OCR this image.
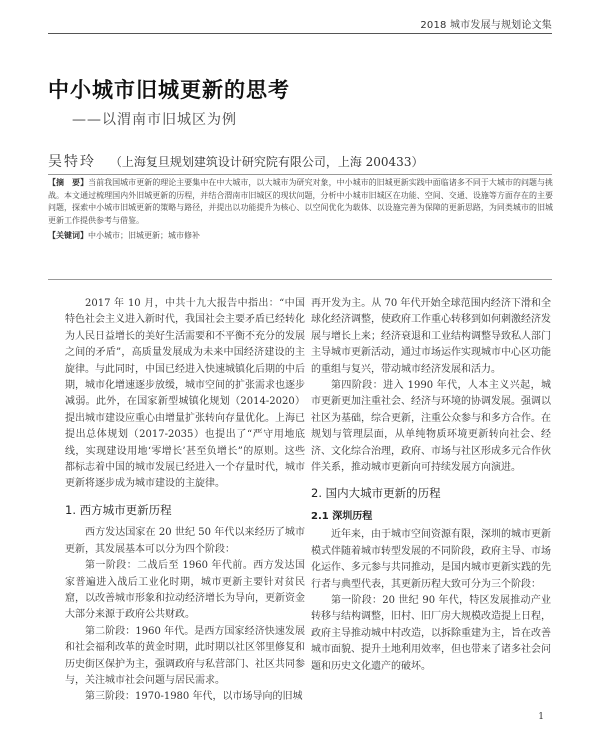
2018 城市发展与规划论文集
中小城市旧城更新的思考
——以渭南市旧城区为例
吴特玲 （上海复旦规划建筑设计研究院有限公司，上海 200433）

【摘　要】当前我国城市更新的理论主要集中在中大城市，以大城市为研究对象，中小城市的旧城更新实践中面临诸多不同于大城市的问题与挑战。本文通过梳理国内外旧城更新的历程，并结合渭南市旧城区的现状问题，分析中小城市旧城区在功能、空间、交通、设施等方面存在的主要问题，探索中小城市旧城更新的策略与路径，并提出以功能提升为核心、以空间优化为载体、以设施完善为保障的更新思路，为同类城市的旧城更新工作提供参考与借鉴。

【关键词】中小城市；旧城更新；城市修补

2017 年 10 月，中共十九大报告中指出：“中国特色社会主义进入新时代，我国社会主要矛盾已经转化为人民日益增长的美好生活需要和不平衡不充分的发展之间的矛盾”，高质量发展成为未来中国经济建设的主旋律。与此同时，中国已经进入快速城镇化后期的中后期，城市化增速逐步放缓，城市空间的扩张需求也逐步减弱。此外，在国家新型城镇化规划（2014-2020）提出城市建设应重心由增量扩张转向存量优化。上海已提出总体规划（2017-2035）也提出了“严守用地底线，实现建设用地‘零增长’甚至负增长”的原则。这些都标志着中国的城市发展已经进入一个存量时代，城市更新将逐步成为城市建设的主旋律。

1. 西方城市更新历程

西方发达国家在 20 世纪 50 年代以来经历了城市更新，其发展基本可以分为四个阶段：

第一阶段：二战后至 1960 年代前。西方发达国家普遍进入战后工业化时期，城市更新主要针对贫民窟，以改善城市形象和拉动经济增长为导向，更新资金大部分来源于政府公共财政。

第二阶段：1960 年代。是西方国家经济快速发展和社会福利改革的黄金时期，此时期以社区邻里修复和历史街区保护为主，强调政府与私营部门、社区共同参与，关注城市社会问题与居民需求。

第三阶段：1970-1980 年代，以市场导向的旧城

再开发为主。从 70 年代开始全球范围内经济下滑和全球化经济调整，使政府工作重心转移到如何刺激经济发展与增长上来；经济衰退和工业结构调整导致私人部门主导城市更新活动，通过市场运作实现城市中心区功能的重组与复兴，带动城市经济发展和活力。

第四阶段：进入 1990 年代，人本主义兴起，城市更新更加注重社会、经济与环境的协调发展。强调以社区为基础，综合更新，注重公众参与和多方合作。在规划与管理层面，从单纯物质环境更新转向社会、经济、文化综合治理，政府、市场与社区形成多元合作伙伴关系，推动城市更新向可持续发展方向演进。

2. 国内大城市更新的历程
2.1 深圳历程

近年来，由于城市空间资源有限，深圳的城市更新模式伴随着城市转型发展的不同阶段，政府主导、市场化运作、多元参与共同推动，是国内城市更新实践的先行者与典型代表，其更新历程大致可分为三个阶段：

第一阶段：20 世纪 90 年代，特区发展推动产业转移与结构调整，旧村、旧厂房大规模改造提上日程，政府主导推动城中村改造，以拆除重建为主，旨在改善城市面貌、提升土地利用效率，但也带来了诸多社会问题和历史文化遗产的破坏。

1
